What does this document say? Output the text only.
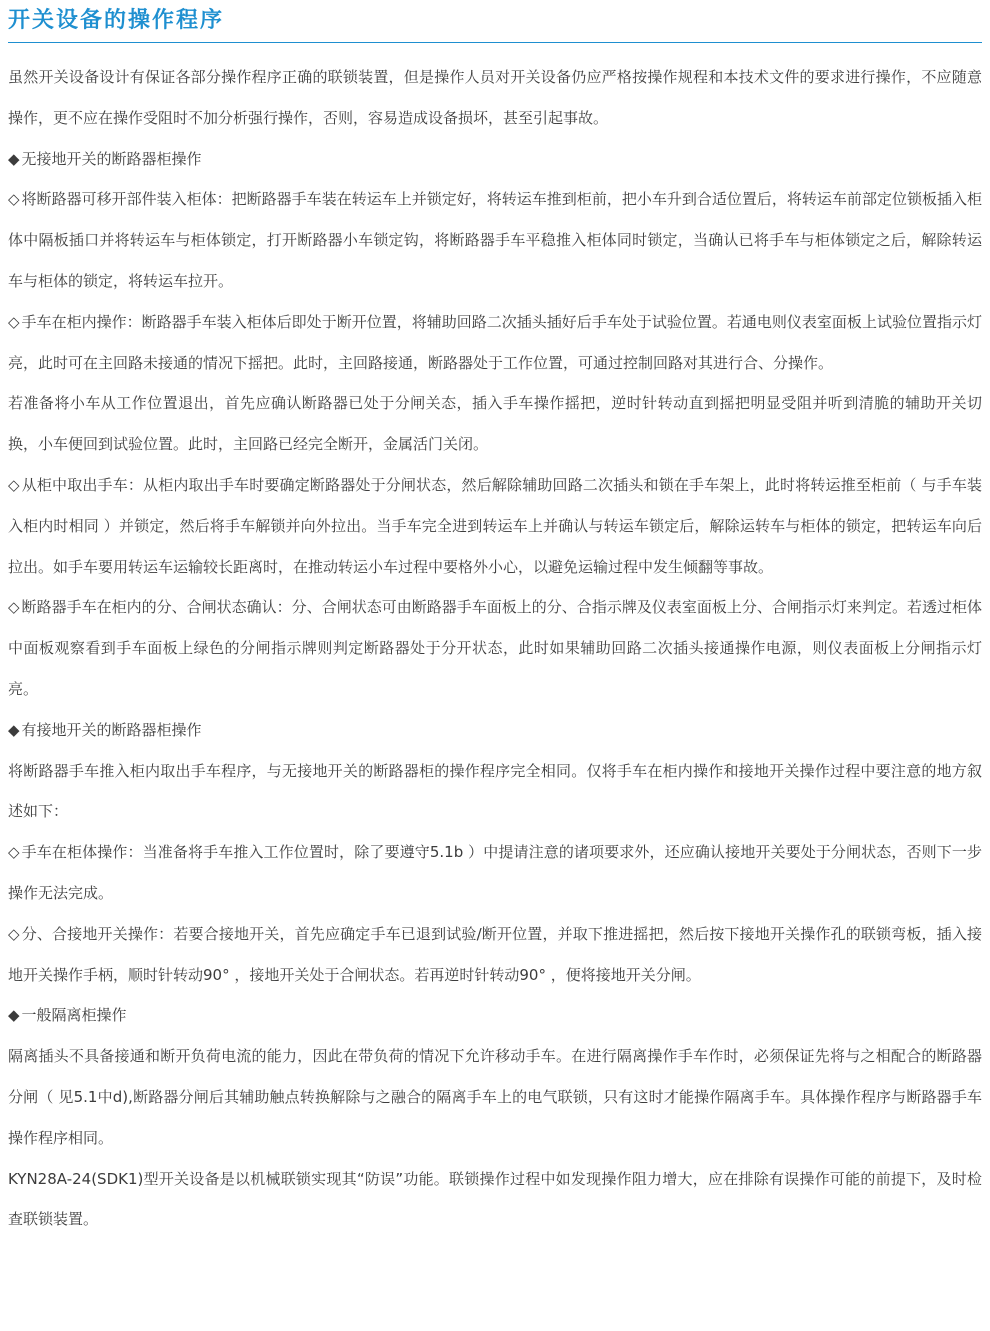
开关设备的操作程序

虽然开关设备设计有保证各部分操作程序正确的联锁装置，但是操作人员对开关设备仍应严格按操作规程和本技术文件的要求进行操作，不应随意操作，更不应在操作受阻时不加分析强行操作，否则，容易造成设备损坏，甚至引起事故。

◆ 无接地开关的断路器柜操作

◇ 将断路器可移开部件装入柜体：把断路器手车装在转运车上并锁定好，将转运车推到柜前，把小车升到合适位置后，将转运车前部定位锁板插入柜体中隔板插口并将转运车与柜体锁定，打开断路器小车锁定钩，将断路器手车平稳推入柜体同时锁定，当确认已将手车与柜体锁定之后，解除转运车与柜体的锁定，将转运车拉开。

◇ 手车在柜内操作：断路器手车装入柜体后即处于断开位置，将辅助回路二次插头插好后手车处于试验位置。若通电则仪表室面板上试验位置指示灯亮，此时可在主回路未接通的情况下摇把。此时，主回路接通，断路器处于工作位置，可通过控制回路对其进行合、分操作。

若准备将小车从工作位置退出，首先应确认断路器已处于分闸关态，插入手车操作摇把，逆时针转动直到摇把明显受阻并听到清脆的辅助开关切换，小车便回到试验位置。此时，主回路已经完全断开，金属活门关闭。

◇ 从柜中取出手车：从柜内取出手车时要确定断路器处于分闸状态，然后解除辅助回路二次插头和锁在手车架上，此时将转运推至柜前（ 与手车装入柜内时相同 ）并锁定，然后将手车解锁并向外拉出。当手车完全进到转运车上并确认与转运车锁定后，解除运转车与柜体的锁定，把转运车向后拉出。如手车要用转运车运输较长距离时，在推动转运小车过程中要格外小心，以避免运输过程中发生倾翻等事故。

◇ 断路器手车在柜内的分、合闸状态确认：分、合闸状态可由断路器手车面板上的分、合指示牌及仪表室面板上分、合闸指示灯来判定。若透过柜体中面板观察看到手车面板上绿色的分闸指示牌则判定断路器处于分开状态，此时如果辅助回路二次插头接通操作电源，则仪表面板上分闸指示灯亮。

◆ 有接地开关的断路器柜操作

将断路器手车推入柜内取出手车程序，与无接地开关的断路器柜的操作程序完全相同。仅将手车在柜内操作和接地开关操作过程中要注意的地方叙述如下：

◇ 手车在柜体操作：当准备将手车推入工作位置时，除了要遵守5.1b ）中提请注意的诸项要求外，还应确认接地开关要处于分闸状态，否则下一步操作无法完成。

◇ 分、合接地开关操作：若要合接地开关，首先应确定手车已退到试验/断开位置，并取下推进摇把，然后按下接地开关操作孔的联锁弯板，插入接地开关操作手柄，顺时针转动90° ，接地开关处于合闸状态。若再逆时针转动90° ，便将接地开关分闸。

◆ 一般隔离柜操作

隔离插头不具备接通和断开负荷电流的能力，因此在带负荷的情况下允许移动手车。在进行隔离操作手车作时，必须保证先将与之相配合的断路器分闸（ 见5.1中d),断路器分闸后其辅助触点转换解除与之融合的隔离手车上的电气联锁，只有这时才能操作隔离手车。具体操作程序与断路器手车操作程序相同。

KYN28A-24(SDK1)型开关设备是以机械联锁实现其“防误”功能。联锁操作过程中如发现操作阻力增大，应在排除有误操作可能的前提下，及时检查联锁装置。
